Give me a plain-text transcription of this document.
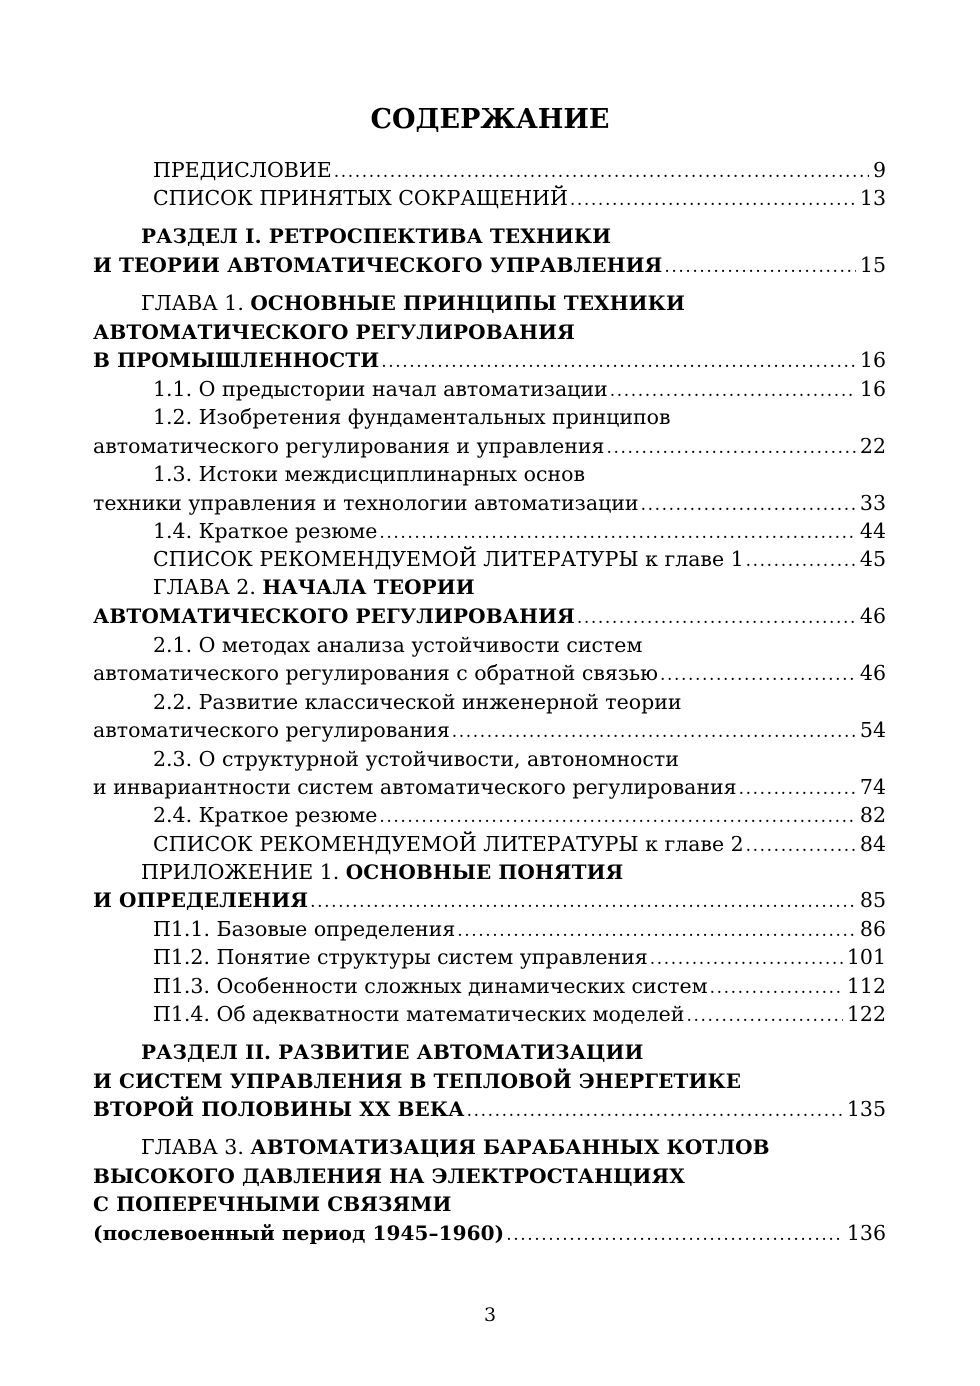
СОДЕРЖАНИЕ
ПРЕДИСЛОВИЕ .....	9
СПИСОК ПРИНЯТЫХ СОКРАЩЕНИЙ .....	13
РАЗДЕЛ I. РЕТРОСПЕКТИВА ТЕХНИКИ
И ТЕОРИИ АВТОМАТИЧЕСКОГО УПРАВЛЕНИЯ .....	15
ГЛАВА 1. ОСНОВНЫЕ ПРИНЦИПЫ ТЕХНИКИ
АВТОМАТИЧЕСКОГО РЕГУЛИРОВАНИЯ
В ПРОМЫШЛЕННОСТИ .....	16
1.1. О предыстории начал автоматизации .....	16
1.2. Изобретения фундаментальных принципов
автоматического регулирования и управления .....	22
1.3. Истоки междисциплинарных основ
техники управления и технологии автоматизации .....	33
1.4. Краткое резюме .....	44
СПИСОК РЕКОМЕНДУЕМОЙ ЛИТЕРАТУРЫ к главе 1 .....	45
ГЛАВА 2. НАЧАЛА ТЕОРИИ
АВТОМАТИЧЕСКОГО РЕГУЛИРОВАНИЯ .....	46
2.1. О методах анализа устойчивости систем
автоматического регулирования с обратной связью .....	46
2.2. Развитие классической инженерной теории
автоматического регулирования .....	54
2.3. О структурной устойчивости, автономности
и инвариантности систем автоматического регулирования .....	74
2.4. Краткое резюме .....	82
СПИСОК РЕКОМЕНДУЕМОЙ ЛИТЕРАТУРЫ к главе 2 .....	84
ПРИЛОЖЕНИЕ 1. ОСНОВНЫЕ ПОНЯТИЯ
И ОПРЕДЕЛЕНИЯ .....	85
П1.1. Базовые определения .....	86
П1.2. Понятие структуры систем управления .....	101
П1.3. Особенности сложных динамических систем .....	112
П1.4. Об адекватности математических моделей .....	122
РАЗДЕЛ II. РАЗВИТИЕ АВТОМАТИЗАЦИИ
И СИСТЕМ УПРАВЛЕНИЯ В ТЕПЛОВОЙ ЭНЕРГЕТИКЕ
ВТОРОЙ ПОЛОВИНЫ XX ВЕКА .....	135
ГЛАВА 3. АВТОМАТИЗАЦИЯ БАРАБАННЫХ КОТЛОВ
ВЫСОКОГО ДАВЛЕНИЯ НА ЭЛЕКТРОСТАНЦИЯХ
С ПОПЕРЕЧНЫМИ СВЯЗЯМИ
(послевоенный период 1945–1960) .....	136
3
